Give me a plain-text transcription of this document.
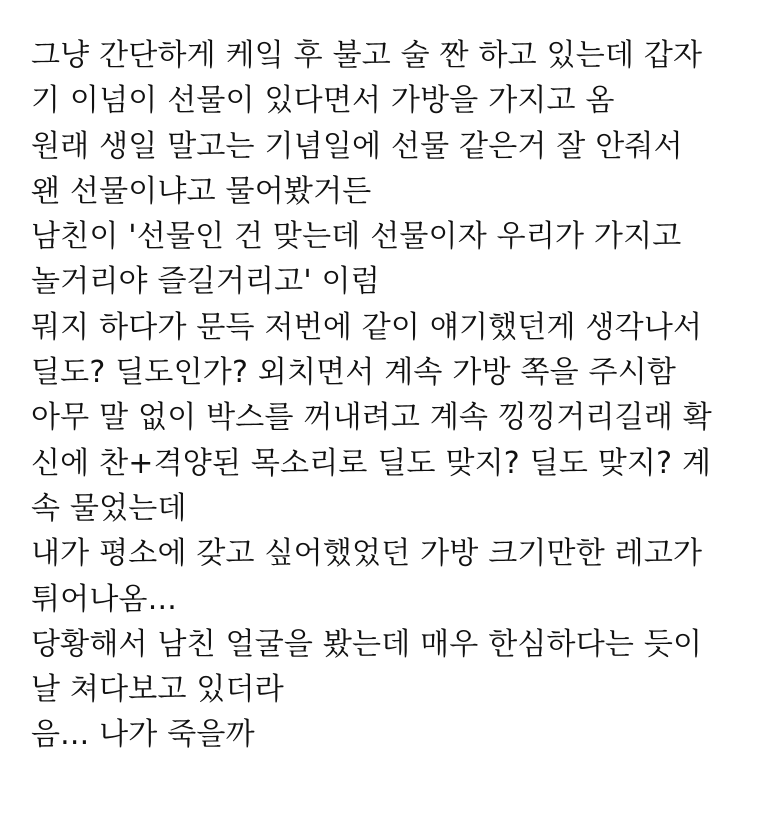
그냥 간단하게 케잌 후 불고 술 짠 하고 있는데 갑자
기 이넘이 선물이 있다면서 가방을 가지고 옴
원래 생일 말고는 기념일에 선물 같은거 잘 안줘서
왠 선물이냐고 물어봤거든
남친이 '선물인 건 맞는데 선물이자 우리가 가지고
놀거리야 즐길거리고' 이럼
뭐지 하다가 문득 저번에 같이 얘기했던게 생각나서
딜도? 딜도인가? 외치면서 계속 가방 쪽을 주시함
아무 말 없이 박스를 꺼내려고 계속 낑낑거리길래 확
신에 찬+격양된 목소리로 딜도 맞지? 딜도 맞지? 계
속 물었는데
내가 평소에 갖고 싶어했었던 가방 크기만한 레고가
튀어나옴...
당황해서 남친 얼굴을 봤는데 매우 한심하다는 듯이
날 쳐다보고 있더라
음... 나가 죽을까
